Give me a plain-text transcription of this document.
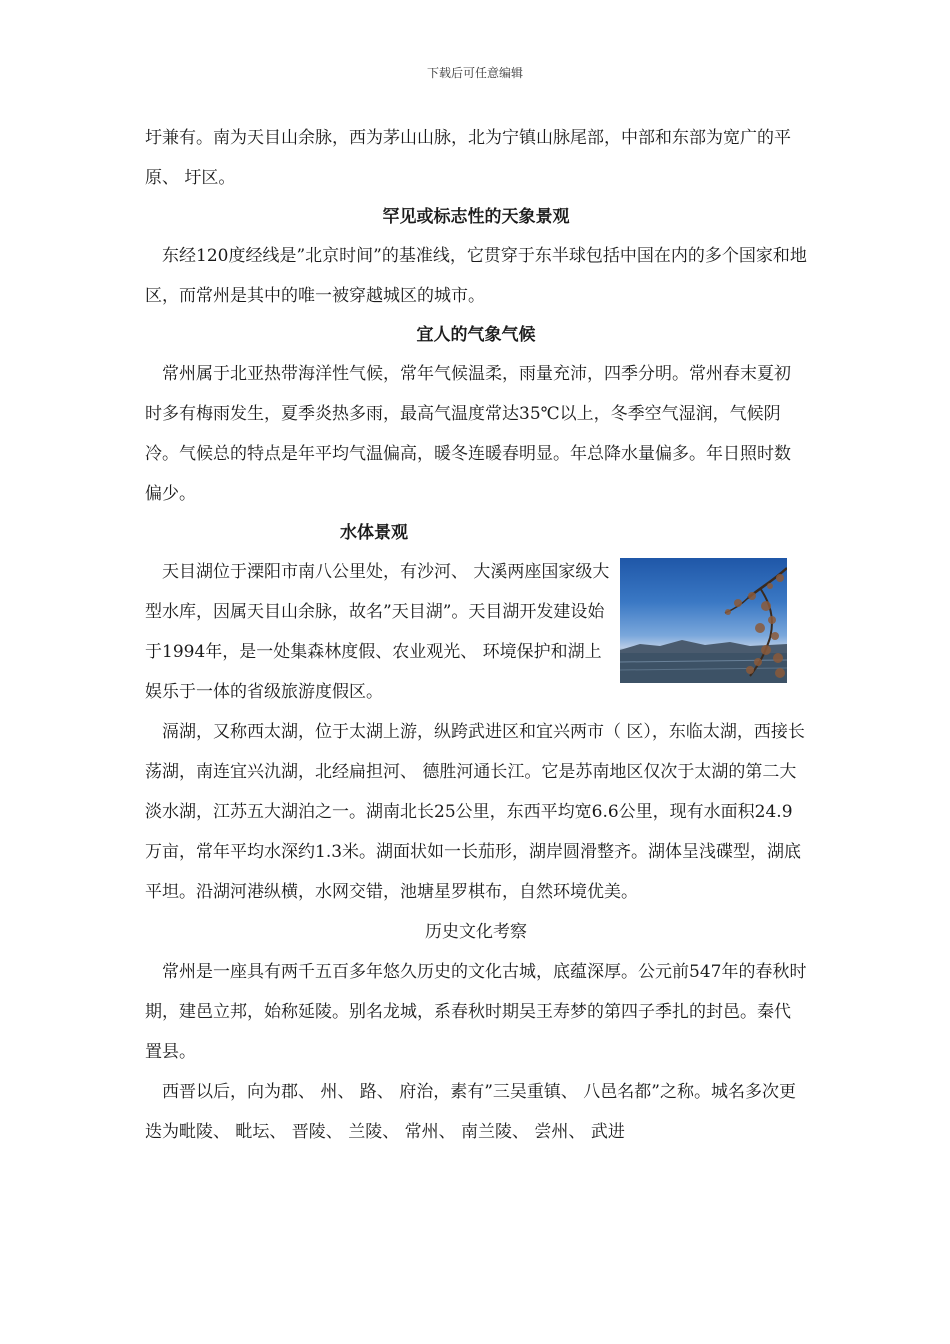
下载后可任意编辑

圩兼有。南为天目山余脉，西为茅山山脉，北为宁镇山脉尾部，中部和东部为宽广的平原、 圩区。

罕见或标志性的天象景观

东经120度经线是”北京时间”的基准线，它贯穿于东半球包括中国在内的多个国家和地区，而常州是其中的唯一被穿越城区的城市。

宜人的气象气候

常州属于北亚热带海洋性气候，常年气候温柔，雨量充沛，四季分明。常州春末夏初时多有梅雨发生，夏季炎热多雨，最高气温度常达35℃以上，冬季空气湿润，气候阴冷。气候总的特点是年平均气温偏高，暖冬连暖春明显。年总降水量偏多。年日照时数偏少。

水体景观

天目湖位于溧阳市南八公里处，有沙河、 大溪两座国家级大型水库，因属天目山余脉，故名”天目湖”。天目湖开发建设始于1994年，是一处集森林度假、农业观光、 环境保护和湖上娱乐于一体的省级旅游度假区。

滆湖，又称西太湖，位于太湖上游，纵跨武进区和宜兴两市（ 区），东临太湖，西接长荡湖，南连宜兴氿湖，北经扁担河、 德胜河通长江。它是苏南地区仅次于太湖的第二大淡水湖，江苏五大湖泊之一。湖南北长25公里，东西平均宽6.6公里，现有水面积24.9万亩，常年平均水深约1.3米。湖面状如一长茄形，湖岸圆滑整齐。湖体呈浅碟型，湖底平坦。沿湖河港纵横，水网交错，池塘星罗棋布，自然环境优美。

历史文化考察

常州是一座具有两千五百多年悠久历史的文化古城，底蕴深厚。公元前547年的春秋时期，建邑立邦，始称延陵。别名龙城，系春秋时期吴王寿梦的第四子季扎的封邑。秦代置县。

西晋以后，向为郡、 州、 路、 府治，素有”三吴重镇、 八邑名都”之称。城名多次更迭为毗陵、 毗坛、 晋陵、 兰陵、 常州、 南兰陵、 尝州、 武进
